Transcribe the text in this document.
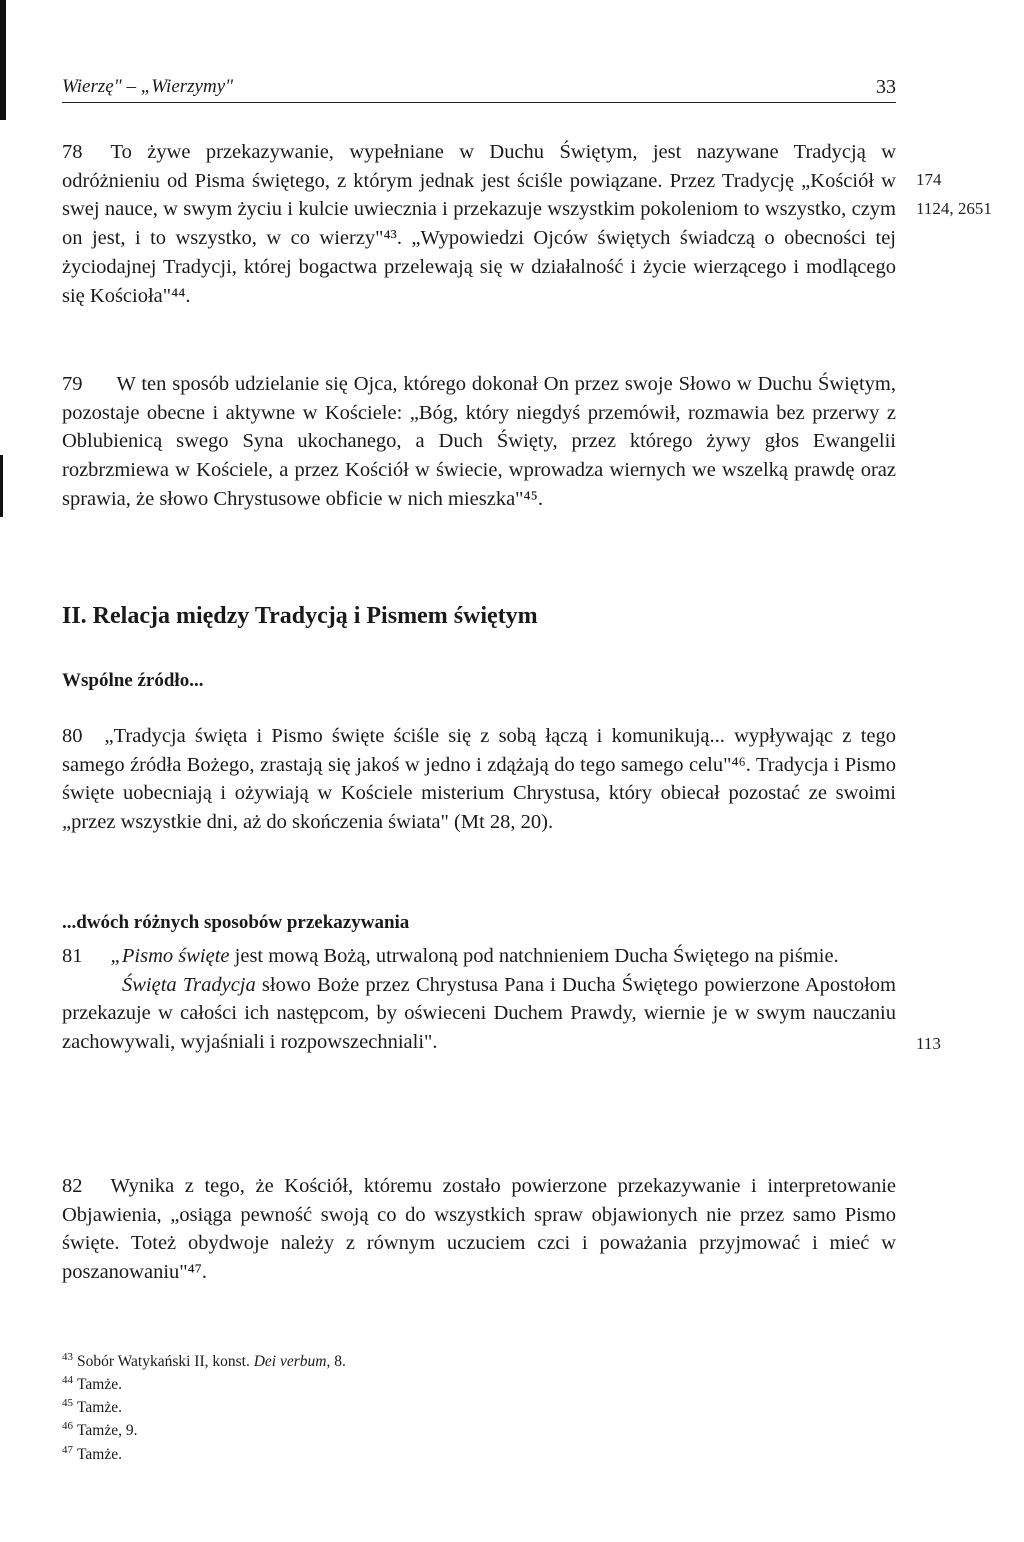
Wierzę" – „Wierzymy"	33

78 To żywe przekazywanie, wypełniane w Duchu Świętym, jest nazywane Tradycją w odróżnieniu od Pisma świętego, z którym jednak jest ściśle powiązane. Przez Tradycję „Kościół w swej nauce, w swym życiu i kulcie uwiecznia i przekazuje wszystkim pokoleniom to wszystko, czym on jest, i to wszystko, w co wierzy"⁴³. „Wypowiedzi Ojców świętych świadczą o obecności tej życiodajnej Tradycji, której bogactwa przelewają się w działalność i życie wierzącego i modlącego się Kościoła"⁴⁴.

174
1124, 2651

79 W ten sposób udzielanie się Ojca, którego dokonał On przez swoje Słowo w Duchu Świętym, pozostaje obecne i aktywne w Kościele: „Bóg, który niegdyś przemówił, rozmawia bez przerwy z Oblubienicą swego Syna ukochanego, a Duch Święty, przez którego żywy głos Ewangelii rozbrzmiewa w Kościele, a przez Kościół w świecie, wprowadza wiernych we wszelką prawdę oraz sprawia, że słowo Chrystusowe obficie w nich mieszka"⁴⁵.

II. Relacja między Tradycją i Pismem świętym
Wspólne źródło...

80 „Tradycja święta i Pismo święte ściśle się z sobą łączą i komunikują... wypływając z tego samego źródła Bożego, zrastają się jakoś w jedno i zdążają do tego samego celu"⁴⁶. Tradycja i Pismo święte uobecniają i ożywiają w Kościele misterium Chrystusa, który obiecał pozostać ze swoimi „przez wszystkie dni, aż do skończenia świata" (Mt 28, 20).

...dwóch różnych sposobów przekazywania

81 „Pismo święte jest mową Bożą, utrwaloną pod natchnieniem Ducha Świętego na piśmie.
Święta Tradycja słowo Boże przez Chrystusa Pana i Ducha Świętego powierzone Apostołom przekazuje w całości ich następcom, by oświeceni Duchem Prawdy, wiernie je w swym nauczaniu zachowywali, wyjaśniali i rozpowszechniali".	113

82 Wynika z tego, że Kościół, któremu zostało powierzone przekazywanie i interpretowanie Objawienia, „osiąga pewność swoją co do wszystkich spraw objawionych nie przez samo Pismo święte. Toteż obydwoje należy z równym uczuciem czci i poważania przyjmować i mieć w poszanowaniu"⁴⁷.

$^{43}$ Sobór Watykański II, konst. Dei verbum, 8.
$^{44}$ Tamże.
$^{45}$ Tamże.
$^{46}$ Tamże, 9.
$^{47}$ Tamże.
